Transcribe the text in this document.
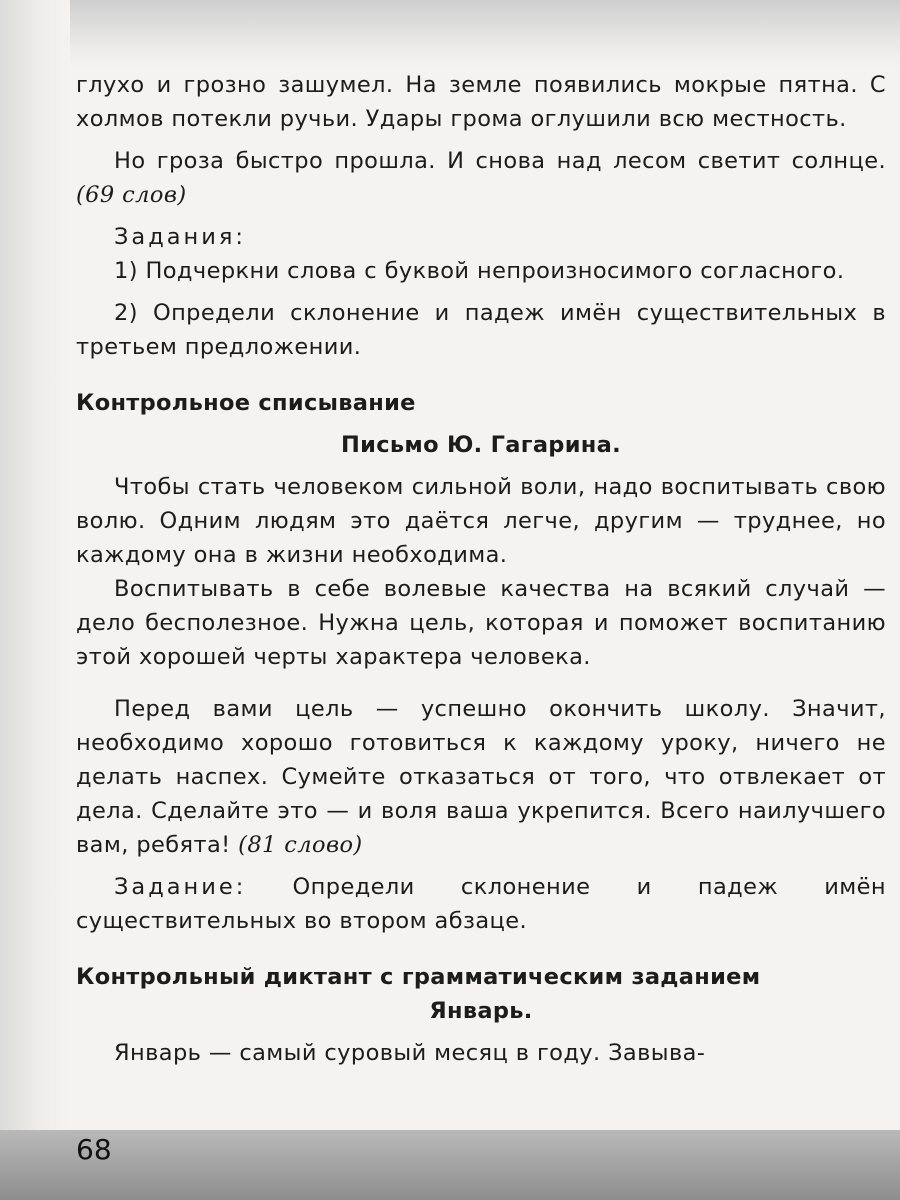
глухо и грозно зашумел. На земле появились мокрые пятна. С холмов потекли ручьи. Удары грома оглушили всю местность.

Но гроза быстро прошла. И снова над лесом светит солнце. (69 слов)

Задания:

1) Подчеркни слова с буквой непроизносимого согласного.

2) Определи склонение и падеж имён существительных в третьем предложении.

Контрольное списывание

Письмо Ю. Гагарина.

Чтобы стать человеком сильной воли, надо воспитывать свою волю. Одним людям это даётся легче, другим — труднее, но каждому она в жизни необходима.

Воспитывать в себе волевые качества на всякий случай — дело бесполезное. Нужна цель, которая и поможет воспитанию этой хорошей черты характера человека.

Перед вами цель — успешно окончить школу. Значит, необходимо хорошо готовиться к каждому уроку, ничего не делать наспех. Сумейте отказаться от того, что отвлекает от дела. Сделайте это — и воля ваша укрепится. Всего наилучшего вам, ребята! (81 слово)

Задание: Определи склонение и падеж имён существительных во втором абзаце.

Контрольный диктант с грамматическим заданием

Январь.

Январь — самый суровый месяц в году. Завыва-

68
